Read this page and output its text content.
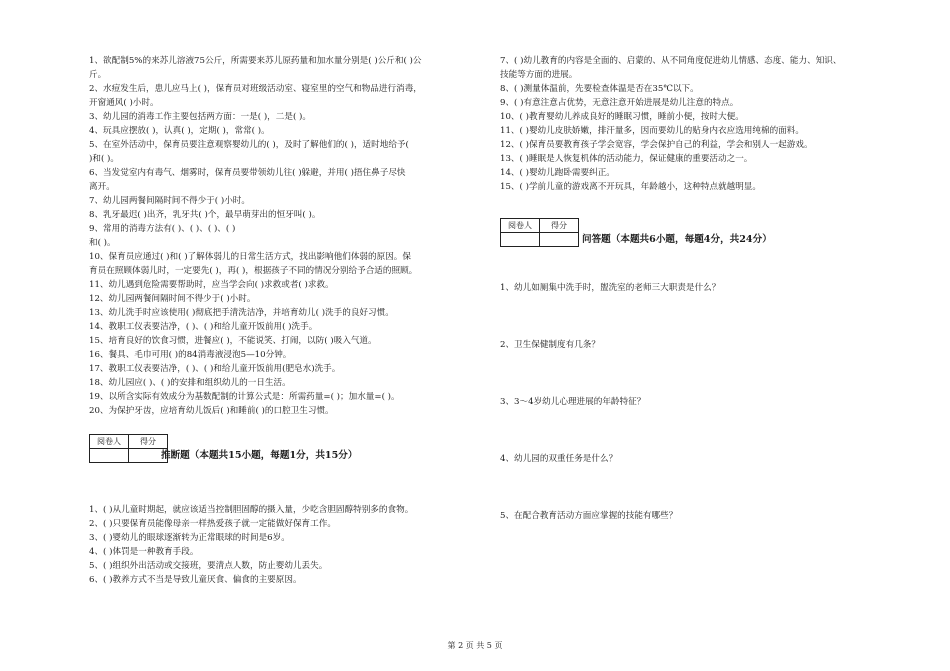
1、欲配制5%的来苏儿溶液75公斤，所需要来苏儿原药量和加水量分别是( )公斤和( )公
斤。
2、水痘发生后，患儿应马上( )，保育员对班级活动室、寝室里的空气和物品进行消毒，
开窗通风( )小时。
3、幼儿园的消毒工作主要包括两方面：一是( )，二是( )。
4、玩具应摆放( )，认真( )，定期( )，常常( )。
5、在室外活动中，保育员要注意观察婴幼儿的( )，及时了解他们的( )，适时地给予(
)和( )。
6、当发觉室内有毒气、烟雾时，保育员要带领幼儿往( )躲避，并用( )捂住鼻子尽快
离开。
7、幼儿园两餐间隔时间不得少于( )小时。
8、乳牙最迟( )出齐，乳牙共( )个，最早萌芽出的恒牙叫( )。
9、常用的消毒方法有( )、( )、( )、( )
和( )。
10、保育员应通过( )和( )了解体弱儿的日常生活方式，找出影响他们体弱的原因。保
育员在照顾体弱儿时，一定要先( )，再( )，根据孩子不同的情况分别给予合适的照顾。
11、幼儿遇到危险需要帮助时，应当学会向( )求救或者( )求救。
12、幼儿园两餐间隔时间不得少于( )小时。
13、幼儿洗手时应该使用( )彻底把手清洗洁净，并培育幼儿( )洗手的良好习惯。
14、教职工仪表要洁净，( )、( )和给儿童开饭前用( )洗手。
15、培育良好的饮食习惯，进餐应( )，不能说笑、打闹，以防( )吸入气道。
16、餐具、毛巾可用( )的84消毒液浸泡5—10分钟。
17、教职工仪表要洁净，( )、( )和给儿童开饭前用(肥皂水)洗手。
18、幼儿园应( )、( )的安排和组织幼儿的一日生活。
19、以所含实际有效成分为基数配制的计算公式是：所需药量=( )；加水量=( )。
20、为保护牙齿，应培育幼儿饭后( )和睡前( )的口腔卫生习惯。
阅卷人	得分

推断题（本题共15小题，每题1分，共15分）
1、( )从儿童时期起，就应该适当控制胆固醇的摄入量，少吃含胆固醇特别多的食物。
2、( )只要保育员能像母亲一样热爱孩子就一定能做好保育工作。
3、( )婴幼儿的眼球逐渐转为正常眼球的时间是6岁。
4、( )体罚是一种教育手段。
5、( )组织外出活动或交接班，要清点人数，防止婴幼儿丢失。
6、( )教养方式不当是导致儿童厌食、偏食的主要原因。
7、( )幼儿教育的内容是全面的、启蒙的、从不同角度促进幼儿情感、态度、能力、知识、
技能等方面的进展。
8、( )测量体温前，先要检查体温是否在35℃以下。
9、( )有意注意占优势，无意注意开始进展是幼儿注意的特点。
10、( )教育婴幼儿养成良好的睡眠习惯，睡前小便，按时大便。
11、( )婴幼儿皮肤娇嫩，排汗量多，因而要幼儿的贴身内衣应选用纯棉的面料。
12、( )保育员要教育孩子学会宽容，学会保护自己的利益，学会和别人一起游戏。
13、( )睡眠是人恢复机体的活动能力，保证健康的重要活动之一。
14、( )婴幼儿跑卧需要纠正。
15、( )学前儿童的游戏离不开玩具，年龄越小，这种特点就越明显。
阅卷人	得分

问答题（本题共6小题，每题4分，共24分）
1、幼儿如厕集中洗手时，盥洗室的老师三大职责是什么？
2、卫生保健制度有几条？
3、3～4岁幼儿心理进展的年龄特征？
4、幼儿园的双重任务是什么？
5、在配合教育活动方面应掌握的技能有哪些？
第 2 页 共 5 页
